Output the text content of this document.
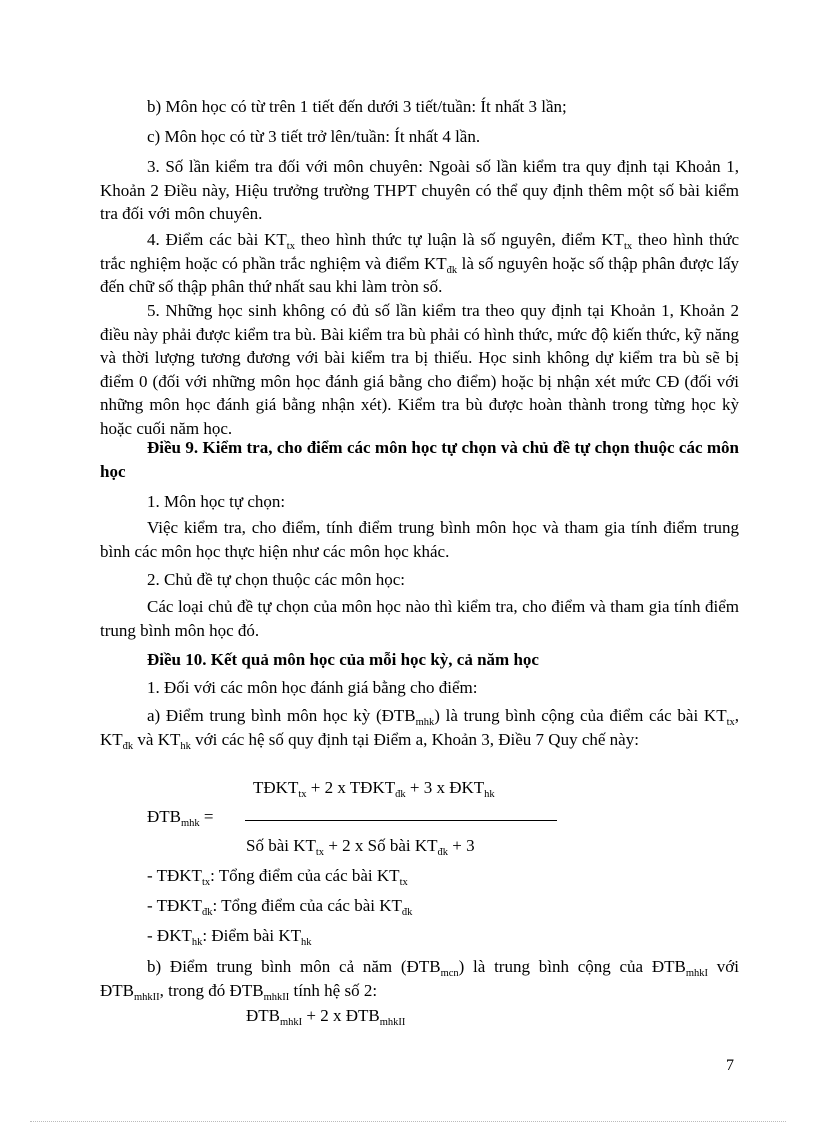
b) Môn học có từ trên 1 tiết đến dưới 3 tiết/tuần: Ít nhất 3 lần;

c) Môn học có từ 3 tiết trở lên/tuần: Ít nhất 4 lần.

3. Số lần kiểm tra đối với môn chuyên: Ngoài số lần kiểm tra quy định tại Khoản 1, Khoản 2 Điều này, Hiệu trưởng trường THPT chuyên có thể quy định thêm một số bài kiểm tra đối với môn chuyên.

4. Điểm các bài $KT_{tx}$ theo hình thức tự luận là số nguyên, điểm $KT_{tx}$ theo hình thức trắc nghiệm hoặc có phần trắc nghiệm và điểm $KT_{đk}$ là số nguyên hoặc số thập phân được lấy đến chữ số thập phân thứ nhất sau khi làm tròn số.

5. Những học sinh không có đủ số lần kiểm tra theo quy định tại Khoản 1, Khoản 2 điều này phải được kiểm tra bù. Bài kiểm tra bù phải có hình thức, mức độ kiến thức, kỹ năng và thời lượng tương đương với bài kiểm tra bị thiếu. Học sinh không dự kiểm tra bù sẽ bị điểm 0 (đối với những môn học đánh giá bằng cho điểm) hoặc bị nhận xét mức CĐ (đối với những môn học đánh giá bằng nhận xét). Kiểm tra bù được hoàn thành trong từng học kỳ hoặc cuối năm học.

Điều 9. Kiểm tra, cho điểm các môn học tự chọn và chủ đề tự chọn thuộc các môn học

1. Môn học tự chọn:

Việc kiểm tra, cho điểm, tính điểm trung bình môn học và tham gia tính điểm trung bình các môn học thực hiện như các môn học khác.

2. Chủ đề tự chọn thuộc các môn học:

Các loại chủ đề tự chọn của môn học nào thì kiểm tra, cho điểm và tham gia tính điểm trung bình môn học đó.

Điều 10. Kết quả môn học của mỗi học kỳ, cả năm học

1. Đối với các môn học đánh giá bằng cho điểm:

a) Điểm trung bình môn học kỳ $(ĐTB_{mhk})$ là trung bình cộng của điểm các bài $KT_{tx}$, $KT_{đk}$ và $KT_{hk}$ với các hệ số quy định tại Điểm a, Khoản 3, Điều 7 Quy chế này:

$TĐKT_{tx} + 2$ x $TĐKT_{đk} + 3$ x $ĐKT_{hk}$
$ĐTB_{mhk}$ =
Số bài $KT_{tx} + 2$ x Số bài $KT_{đk} + 3$
- $TĐKT_{tx}$: Tổng điểm của các bài $KT_{tx}$
- $TĐKT_{đk}$: Tổng điểm của các bài $KT_{đk}$
- $ĐKT_{hk}$: Điểm bài $KT_{hk}$

b) Điểm trung bình môn cả năm $(ĐTB_{mcn})$ là trung bình cộng của $ĐTB_{mhkI}$ với $ĐTB_{mhkII}$, trong đó $ĐTB_{mhkII}$ tính hệ số 2:

$ĐTB_{mhkI} + 2$ x $ĐTB_{mhkII}$
7
